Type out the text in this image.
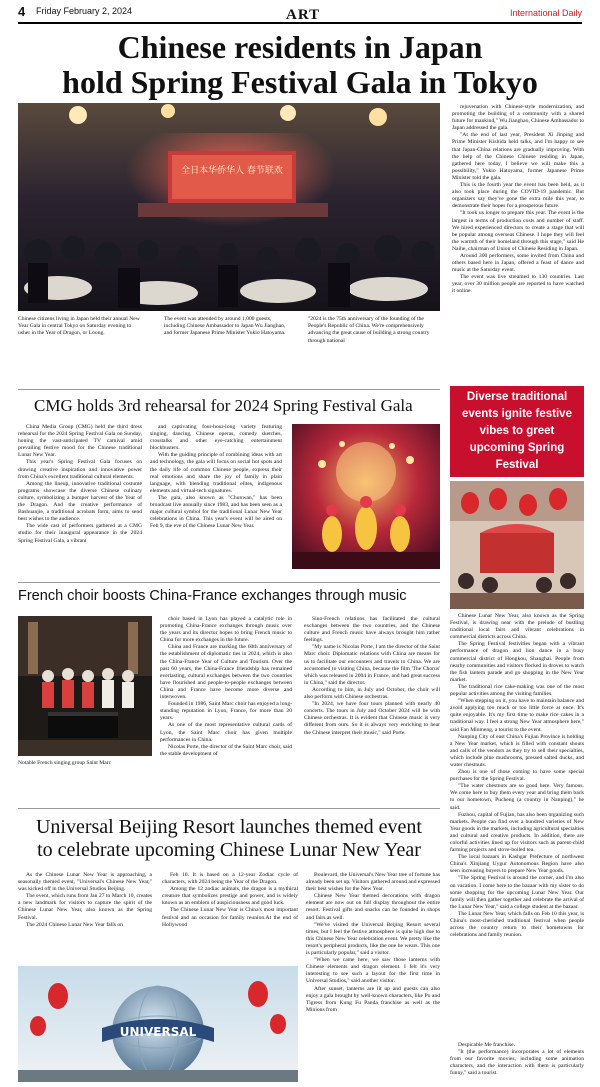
4 Friday February 2, 2024	ART	International Daily
Chinese residents in Japan
hold Spring Festival Gala in Tokyo
全日本华侨华人 春节联欢
Chinese citizens living in Japan held their annual New Year Gala in central Tokyo on Saturday evening to usher in the Year of Dragon, or Loong.
The event was attended by around 1,000 guests, including Chinese Ambassador to Japan Wu Jianghao, and former Japanese Prime Minister Yukio Hatoyama.
"2024 is the 75th anniversary of the founding of the People's Republic of China. We're comprehensively advancing the great cause of building a strong country through national

rejuvenation with Chinese-style modernization, and promoting the building of a community with a shared future for mankind," Wu Jianghao, Chinese Ambassador to Japan addressed the gala.

"At the end of last year, President Xi Jinping and Prime Minister Kishida held talks, and I'm happy to see that Japan-China relations are gradually improving. With the help of the Chinese Chinese residing in Japan, gathered here today, I believe we will make this a possibility," Yukio Hatoyama, former Japanese Prime Minister told the gala.

This is the fourth year the event has been held, as it also took place during the COVID-19 pandemic. But organizers say they've gone the extra mile this year, to demonstrate their hopes for a prosperous future.

"It took us longer to prepare this year. The event is the largest in terms of production costs and number of staff. We hired experienced directors to create a stage that will be popular among overseas Chinese. I hope they will feel the warmth of their homeland through this stage," said He Naihe, chairman of Union of Chinese Residing in Japan.

Around 300 performers, some invited from China and others based here in Japan, offered a feast of dance and music at the Saturday event.

The event was live streamed to 130 countries. Last year, over 30 million people are reported to have watched it online.

CMG holds 3rd rehearsal for 2024 Spring Festival Gala

China Media Group (CMG) held the third dress rehearsal for the 2024 Spring Festival Gala on Sunday, honing the vast-anticipated TV carnival amid prevailing festive mood for the Chinese traditional Lunar New Year.

This year's Spring Festival Gala focuses on drawing creative inspiration and innovative power from China's excellent traditional cultural elements.

Among the lineup, innovative traditional costume programs showcase the diverse Chinese culinary culture, symbolizing a bumper harvest of the Year of the Dragon. And the creative performance of Bashuanjie, a traditional acrobats form, aims to send best wishes to the audience.

The wide cast of performers gathered at a CMG studio for their inaugural appearance in the 2024 Spring Festival Gala, a vibrant

and captivating four-hour-long variety featuring singing, dancing, Chinese operas, comedy sketches, crosstalks and other eye-catching entertainment blockbusters.

With the guiding principle of combining ideas with art and technology, the gala will focus on social hot spots and the daily life of common Chinese people, express their real emotions and share the joy of family in plain language, with blending traditional elites, indigenous elements and virtual-tech signatures.

The gala, also known as "Chunwan," has been broadcast live annually since 1983, and has been seen as a major cultural symbol for the traditional Lunar New Year celebrations in China. This year's event will be aired on Feb 9, the eve of the Chinese Lunar New Year.

Diverse traditional events ignite festive vibes to greet upcoming Spring Festival

Chinese Lunar New Year, also known as the Spring Festival, is drawing near with the prelude of bustling traditional local fairs and vibrant celebrations in commercial districts across China.

The Spring Festival festivities began with a vibrant performance of dragon and lion dance in a busy commercial district of Hongkou, Shanghai. People from nearby communities and visitors flocked in droves to watch the fish lantern parade and go shopping in the New Year market.

The traditional rice cake-making was one of the most popular activities among the visiting families.

"When stepping on it, you have to maintain balance and avoid applying too much or too little force at once. It's quite enjoyable. It's my first time to make rice cakes in a traditional way. I feel a strong New Year atmosphere here," said Fan Minmeng, a tourist to the event.

Nanping City of east China's Fujian Province is holding a New Year market, which is filled with constant shouts and calls of the vendors as they try to sell their specialties, which include pine mushrooms, pressed salted ducks, and water chestnuts.

Zhou is one of those coming to have some special purchases for the Spring Festival.

"The water chestnuts are so good here. Very famous. We come here to buy them every year and bring them back to our hometown, Pucheng (a country in Nanping)," he said.

Fuzhou, capital of Fujian, has also been organizing such markets. People can find over a hundred varieties of New Year goods in the markets, including agricultural specialties and cultural and creative products. In addition, there are colorful activities lined up for visitors such as parent-child farming projects and stove-boiled tea.

The local bazaars in Kashgar Prefecture of northwest China's Xinjiang Uygur Autonomous Region have also seen increasing buyers to prepare New Year goods.

"The Spring Festival is around the corner, and I'm also on vacation. I come here to the bazaar with my sister to do some shopping for the upcoming Lunar New Year. Our family will then gather together and celebrate the arrival of the Lunar New Year," said a college student at the bazaar.

The Lunar New Year, which falls on Feb 10 this year, is China's most-cherished traditional festival when people across the country return to their hometowns for celebrations and family reunion.

French choir boosts China-France exchanges through music
Notable French singing group Saint Marc

choir based in Lyon has played a catalytic role in promoting China-France exchanges through music over the years and its director hopes to bring French music to China for more exchanges in the future.

China and France are marking the 60th anniversary of the establishment of diplomatic ties in 2024, which is also the China-France Year of Culture and Tourism. Over the past 60 years, the China-France friendship has remained everlasting, cultural exchanges between the two countries have flourished and people-to-people exchanges between China and France have become more diverse and interwoven.

Founded in 1986, Saint Marc choir has enjoyed a long-standing reputation in Lyon, France, for more than 20 years.

As one of the most representative cultural cards of Lyon, the Saint Marc choir has given multiple performances in China.

Nicolas Porte, the director of the Saint Marc choir, said the stable development of

Sino-French relations has facilitated the cultural exchanges between the two countries, and the Chinese culture and French music have always brought him rather feelings.

"My name is Nicolas Porte, I am the director of the Saint Marc choir. Diplomatic relations with China are means for us to facilitate our encounters and travels to China. We are accustomed to visiting China, because the film 'The Chorus' which was released in 2004 in France, and had great success in China," said the director.

According to him, in July and October, the choir will also perform with Chinese orchestras.

"In 2024, we have four tours planned with nearly 40 concerts. The tours in July and October 2024 will be with Chinese orchestras. It is evident that Chinese music is very different from ours. So it is always very enriching to hear the Chinese interpret their music," said Porte.

Universal Beijing Resort launches themed event
to celebrate upcoming Chinese Lunar New Year

As the Chinese Lunar New Year is approaching, a seasonally themed event, "Universal's Chinese New Year," was kicked off in the Universal Studios Beijing.

The event, which runs from Jan 27 to March 10, creates a new landmark for visitors to capture the spirit of the Chinese Lunar New Year, also known as the Spring Festival.

The 2024 Chinese Lunar New Year falls on

Feb 10. It is based on a 12-year Zodiac cycle of characters, with 2024 being the Year of the Dragon.

Among the 12 zodiac animals, the dragon is a mythical creature that symbolizes prestige and power, and is widely known as an emblem of auspiciousness and good luck.

The Chinese Lunar New Year is China's most important festival and an occasion for family reunion.At the end of Hollywood

UNIVERSAL

Boulevard, the Universal's New Year tree of fortune has already been set up. Visitors gathered around and expressed their best wishes for the New Year.

Chinese New Year themed decorations with dragon element are now out on full display throughout the entire resort. Festival gifts and snacks can be founded in shops and fairs as well.

"We've visited the Universal Beijing Resort several times, but I feel the festive atmosphere is quite high due to this Chinese New Year celebration event. We pretty like the resort's peripheral products, like the one he wears. This one is particularly popular," said a visitor.

"When we came here, we saw those lanterns with Chinese elements and dragon element. I felt it's very interesting to see such a layout for the first time in Universal Studios," said another visitor.

After sunset, lanterns are lit up and guests can also enjoy a gala brought by well-known characters, like Po and Tigress from Kung Fu Panda franchise as well as the Minions from

Despicable Me franchise.

"It (the performance) incorporates a lot of elements from our favorite movies, including some animation characters, and the interaction with them is particularly funny," said a tourist.
